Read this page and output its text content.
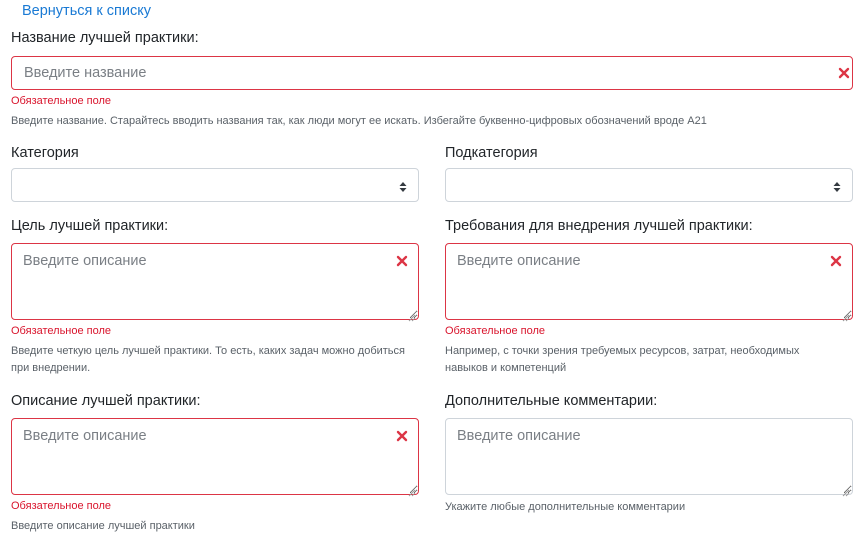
Вернуться к списку
Название лучшей практики:
Введите название
Обязательное поле
Введите название. Старайтесь вводить названия так, как люди могут ее искать. Избегайте буквенно-цифровых обозначений вроде А21
Категория	Подкатегория
Цель лучшей практики:
Введите описание
Обязательное поле
Введите четкую цель лучшей практики. То есть, каких задач можно добиться при внедрении.
Требования для внедрения лучшей практики:
Введите описание
Обязательное поле
Например, с точки зрения требуемых ресурсов, затрат, необходимых навыков и компетенций
Описание лучшей практики:
Введите описание
Обязательное поле
Введите описание лучшей практики
Дополнительные комментарии:
Введите описание
Укажите любые дополнительные комментарии
